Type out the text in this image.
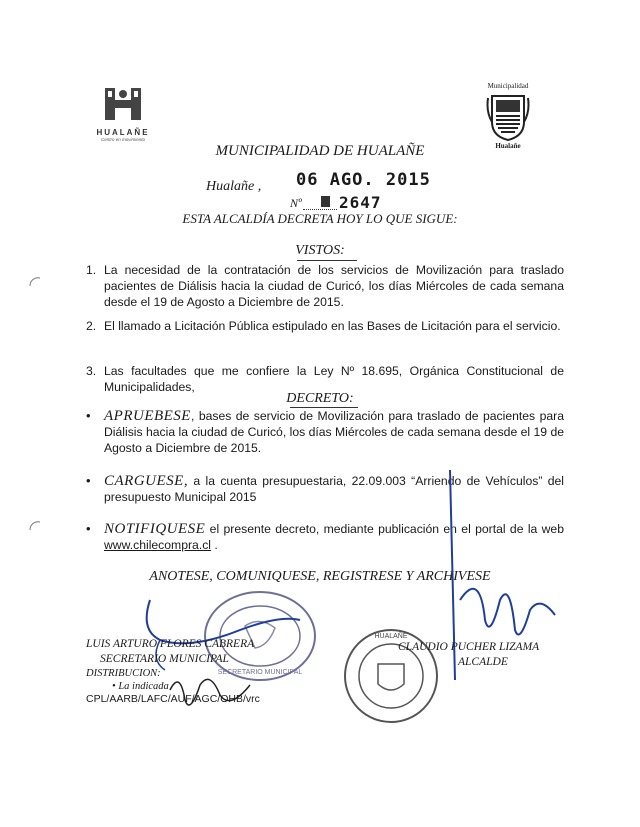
HUALAÑE
Centro en movimiento
Municipalidad
Hualañe
MUNICIPALIDAD DE HUALAÑE
Hualañe , 06 AGO. 2015
Nº 2647
ESTA ALCALDÍA DECRETA HOY LO QUE SIGUE:
VISTOS:
1. La necesidad de la contratación de los servicios de Movilización para traslado pacientes de Diálisis hacia la ciudad de Curicó, los días Miércoles de cada semana desde el 19 de Agosto a Diciembre de 2015.
2. El llamado a Licitación Pública estipulado en las Bases de Licitación para el servicio.
3. Las facultades que me confiere la Ley Nº 18.695, Orgánica Constitucional de Municipalidades,
DECRETO:
• APRUEBESE, bases de servicio de Movilización para traslado de pacientes para Diálisis hacia la ciudad de Curicó, los días Miércoles de cada semana desde el 19 de Agosto a Diciembre de 2015.
• CARGUESE, a la cuenta presupuestaria, 22.09.003 “Arriendo de Vehículos” del presupuesto Municipal 2015
• NOTIFIQUESE el presente decreto, mediante publicación en el portal de la web www.chilecompra.cl .
ANOTESE, COMUNIQUESE, REGISTRESE Y ARCHIVESE
SECRETARIO MUNICIPAL
HUALAÑE
LUIS ARTURO FLORES CABRERA
SECRETARIO MUNICIPAL
CLAUDIO PUCHER LIZAMA
ALCALDE
DISTRIBUCION:
• La indicada
CPL/AARB/LAFC/AUF/AGC/OHB/vrc
